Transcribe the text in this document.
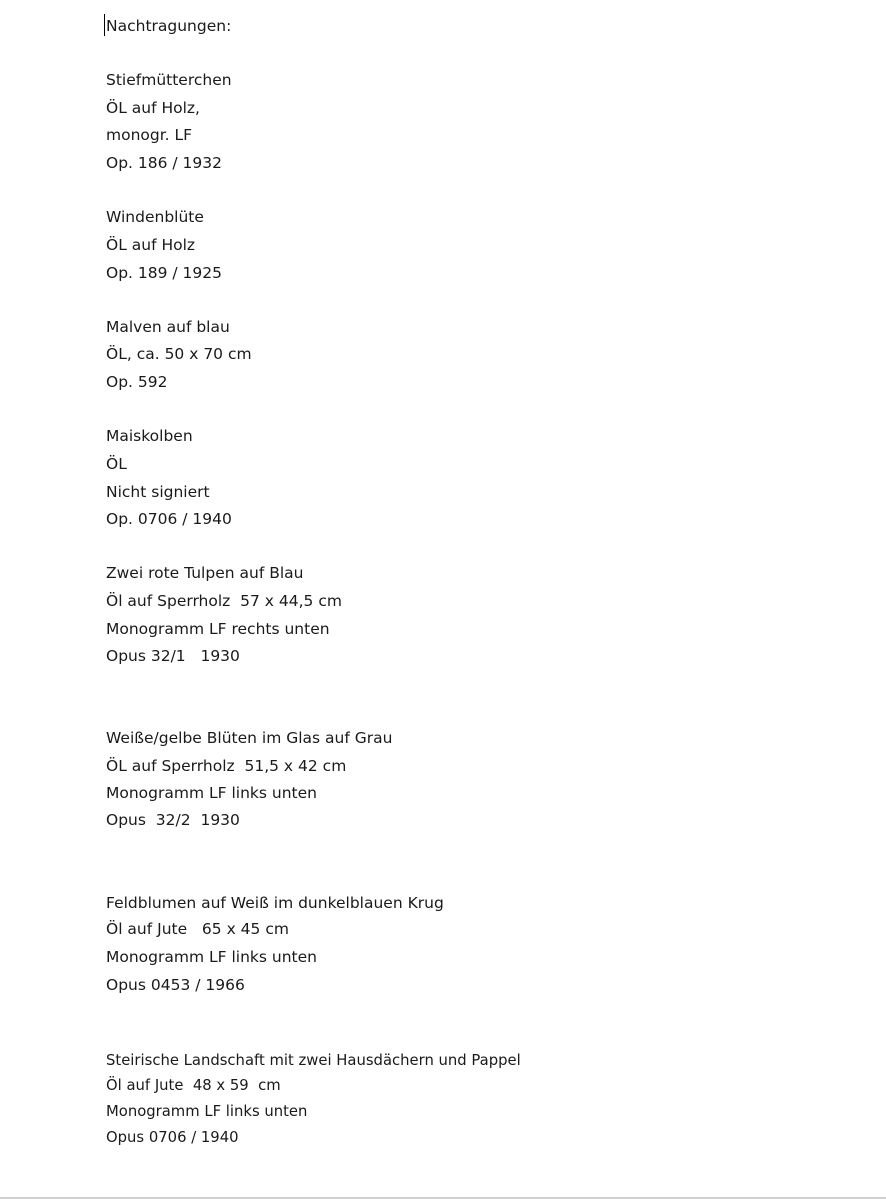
Nachtragungen:
Stiefmütterchen
ÖL auf Holz,
monogr. LF
Op. 186 / 1932
Windenblüte
ÖL auf Holz
Op. 189 / 1925
Malven auf blau
ÖL, ca. 50 x 70 cm
Op. 592
Maiskolben
ÖL
Nicht signiert
Op. 0706 / 1940
Zwei rote Tulpen auf Blau
Öl auf Sperrholz  57 x 44,5 cm
Monogramm LF rechts unten
Opus 32/1   1930
Weiße/gelbe Blüten im Glas auf Grau
ÖL auf Sperrholz  51,5 x 42 cm
Monogramm LF links unten
Opus  32/2  1930
Feldblumen auf Weiß im dunkelblauen Krug
Öl auf Jute   65 x 45 cm
Monogramm LF links unten
Opus 0453 / 1966
Steirische Landschaft mit zwei Hausdächern und Pappel
Öl auf Jute  48 x 59  cm
Monogramm LF links unten
Opus 0706 / 1940
